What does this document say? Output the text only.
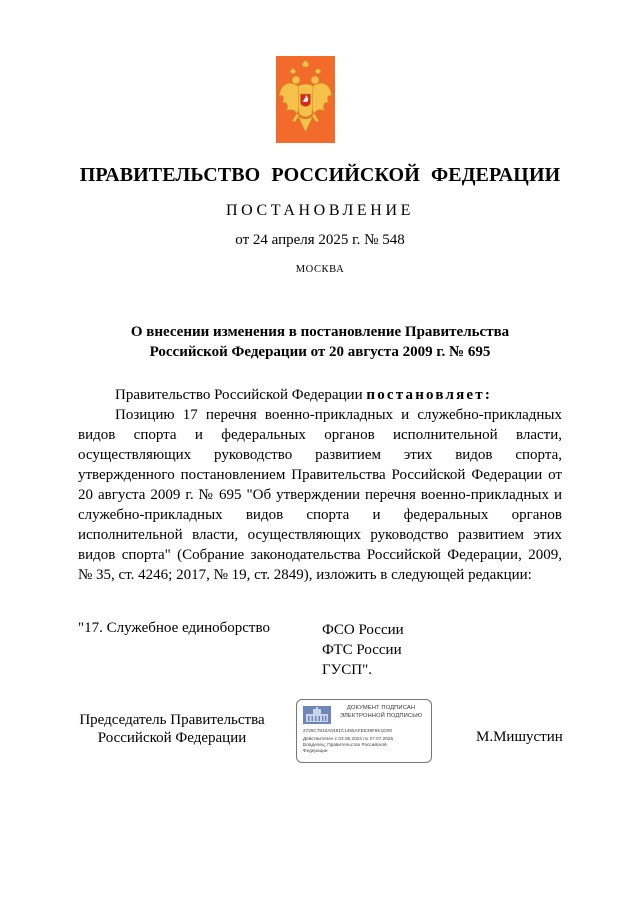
ПРАВИТЕЛЬСТВО РОССИЙСКОЙ ФЕДЕРАЦИИ
ПОСТАНОВЛЕНИЕ
от 24 апреля 2025 г. № 548
МОСКВА
О внесении изменения в постановление Правительства
Российской Федерации от 20 августа 2009 г. № 695

Правительство Российской Федерации постановляет:

Позицию 17 перечня военно-прикладных и служебно-прикладных видов спорта и федеральных органов исполнительной власти, осуществляющих руководство развитием этих видов спорта, утвержденного постановлением Правительства Российской Федерации от 20 августа 2009 г. № 695 "Об утверждении перечня военно-прикладных и служебно-прикладных видов спорта и федеральных органов исполнительной власти, осуществляющих руководство развитием этих видов спорта" (Собрание законодательства Российской Федерации, 2009, № 35, ст. 4246; 2017, № 19, ст. 2849), изложить в следующей редакции:

"17. Служебное единоборство	ФСО России
ФТС России
ГУСП".
Председатель Правительства
Российской Федерации
ДОКУМЕНТ ПОДПИСАН
ЭЛЕКТРОННОЙ ПОДПИСЬЮ
2726C7810A0481C1455AFEE38F8K1D09
Действителен с 03.05.2024 по 27.07.2025
Владелец: Правительство Российской
Федерации
М.Мишустин
